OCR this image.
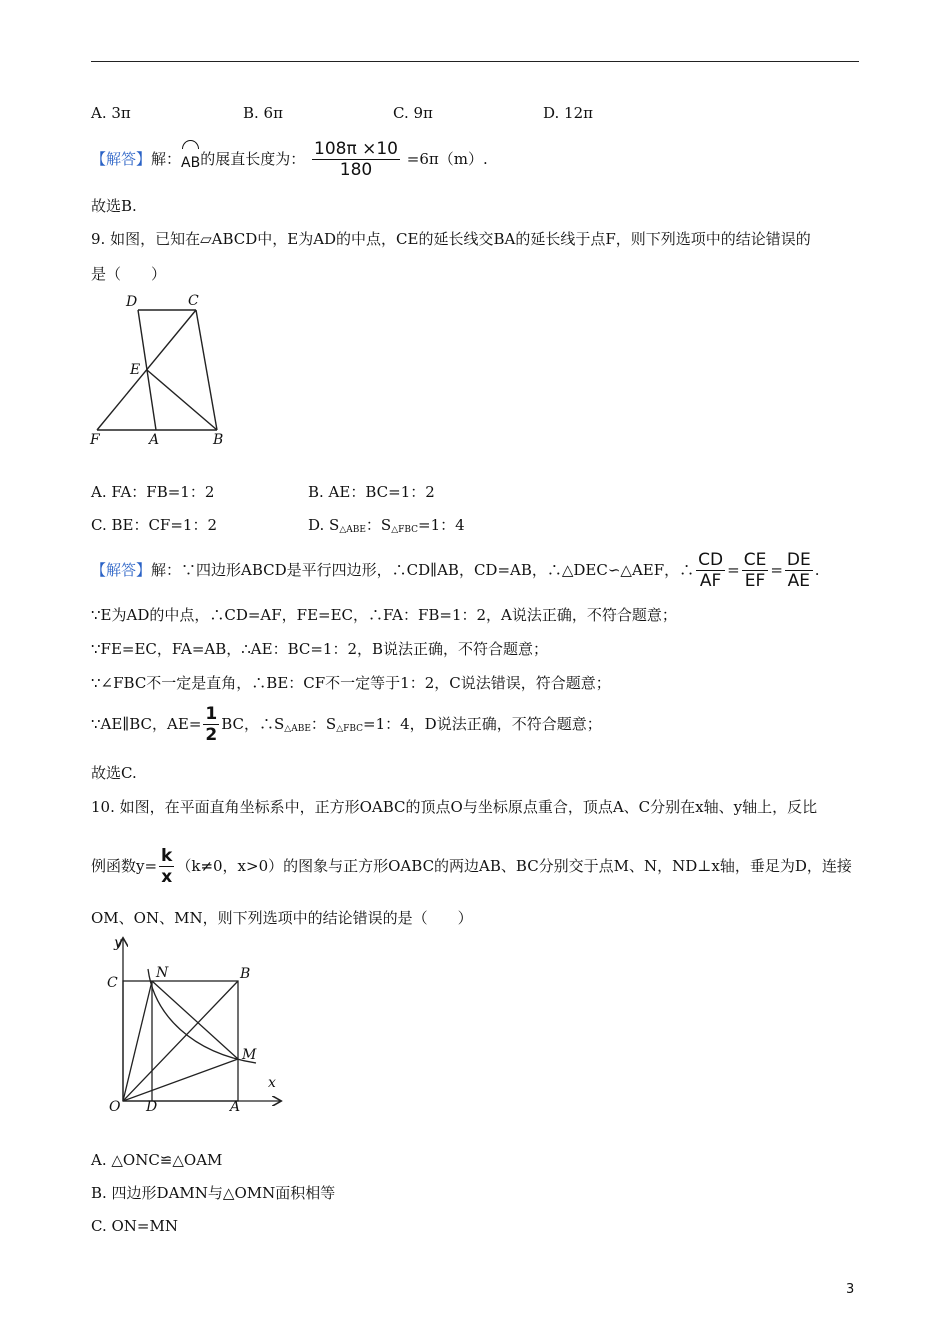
A. 3π	B. 6π	C. 9π	D. 12π
【解答】解：AB的展直长度为： $\frac{108\pi \times 10}{180} =6\pi(m)$.
故选B.
9. 如图，已知在▱ABCD中，E为AD的中点，CE的延长线交BA的延长线于点F，则下列选项中的结论错误的
是（　　）
D	C
E
F	A	B
A. FA：FB=1：2	B. AE：BC=1：2
C. BE：CF=1：2	D. $S_{\triangle ABE}$：$S_{\triangle FBC}=1$：4
【解答】解：∵四边形ABCD是平行四边形，∴CD∥AB，CD=AB，∴△DEC∽△AEF，∴ $\frac{CD}{AF} = \frac{CE}{EF} = \frac{DE}{AE}$ .
∵E为AD的中点，∴CD=AF，FE=EC，∴FA：FB=1：2，A说法正确，不符合题意；
∵FE=EC，FA=AB，∴AE：BC=1：2，B说法正确，不符合题意；
∵∠FBC不一定是直角，∴BE：CF不一定等于1：2，C说法错误，符合题意；
∵AE∥BC，$AE= \frac{1}{2}$ BC，$\therefore S_{\triangle ABE}$：$S_{\triangle FBC}=1$：4，D说法正确，不符合题意；
故选C.
10. 如图，在平面直角坐标系中，正方形OABC的顶点O与坐标原点重合，顶点A、C分别在x轴、y轴上，反比
例函数$y= \frac{k}{x} (k\ne 0$，x>0）的图象与正方形OABC的两边AB、BC分别交于点M、N，ND⊥x轴，垂足为D，连接
OM、ON、MN，则下列选项中的结论错误的是（　　）
y
x
C
N	B
M
O D	A
A. △ONC≌△OAM
B. 四边形DAMN与△OMN面积相等
C. ON=MN
3
